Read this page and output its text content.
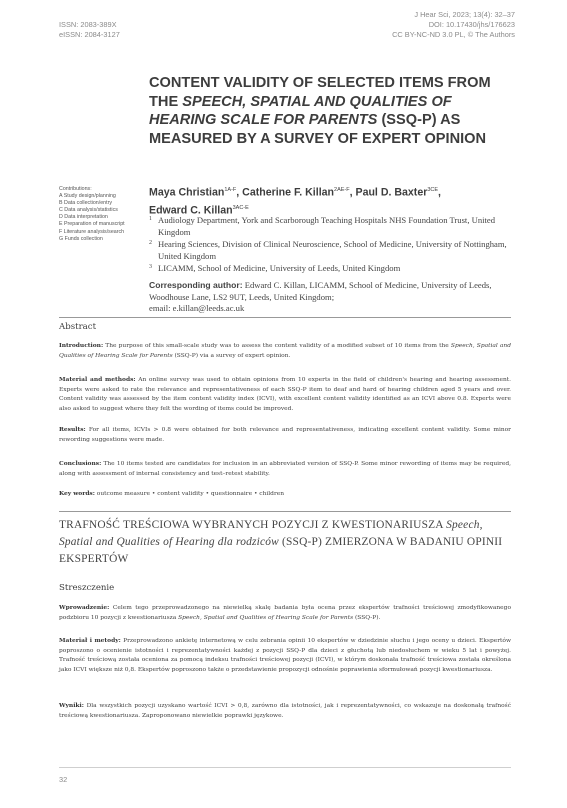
ISSN: 2083-389X
eISSN: 2084-3127
J Hear Sci, 2023; 13(4): 32–37
DOI: 10.17430/jhs/176623
CC BY-NC-ND 3.0 PL, © The Authors
CONTENT VALIDITY OF SELECTED ITEMS FROM THE SPEECH, SPATIAL AND QUALITIES OF HEARING SCALE FOR PARENTS (SSQ-P) AS MEASURED BY A SURVEY OF EXPERT OPINION
Contributions:
A Study design/planning
B Data collection/entry
C Data analysis/statistics
D Data interpretation
E Preparation of manuscript
F Literature analysis/search
G Funds collection
Maya Christian$^{1A-F}$, Catherine F. Killan$^{2AE-F}$, Paul D. Baxter$^{3CE}$,
Edward C. Killan$^{3AC-E}$
1 Audiology Department, York and Scarborough Teaching Hospitals NHS Foundation Trust, United Kingdom
2 Hearing Sciences, Division of Clinical Neuroscience, School of Medicine, University of Nottingham, United Kingdom
3 LICAMM, School of Medicine, University of Leeds, United Kingdom
Corresponding author: Edward C. Killan, LICAMM, School of Medicine, University of Leeds, Woodhouse Lane, LS2 9UT, Leeds, United Kingdom;
email: e.killan@leeds.ac.uk
Abstract
Introduction: The purpose of this small-scale study was to assess the content validity of a modified subset of 10 items from the Speech, Spatial and Qualities of Hearing Scale for Parents (SSQ-P) via a survey of expert opinion.
Material and methods: An online survey was used to obtain opinions from 10 experts in the field of children's hearing and hearing assessment. Experts were asked to rate the relevance and representativeness of each SSQ-P item to deaf and hard of hearing children aged 5 years and over. Content validity was assessed by the item content validity index (ICVI), with excellent content validity identified as an ICVI above 0.8. Experts were also asked to suggest where they felt the wording of items could be improved.
Results: For all items, ICVIs > 0.8 were obtained for both relevance and representativeness, indicating excellent content validity. Some minor rewording suggestions were made.
Conclusions: The 10 items tested are candidates for inclusion in an abbreviated version of SSQ-P. Some minor rewording of items may be required, along with assessment of internal consistency and test–retest stability.
Key words: outcome measure • content validity • questionnaire • children
TRAFNOŚĆ TREŚCIOWA WYBRANYCH POZYCJI Z KWESTIONARIUSZA Speech, Spatial and Qualities of Hearing dla rodziców (SSQ-P) ZMIERZONA W BADANIU OPINII EKSPERTÓW
Streszczenie
Wprowadzenie: Celem tego przeprowadzonego na niewielką skalę badania była ocena przez ekspertów trafności treściowej zmodyfikowanego podzbioru 10 pozycji z kwestionariusza Speech, Spatial and Qualities of Hearing Scale for Parents (SSQ-P).
Materiał i metody: Przeprowadzono ankietę internetową w celu zebrania opinii 10 ekspertów w dziedzinie słuchu i jego oceny u dzieci. Ekspertów poproszono o ocenienie istotności i reprezentatywności każdej z pozycji SSQ-P dla dzieci z głuchotą lub niedosłuchem w wieku 5 lat i powyżej. Trafność treściową została oceniona za pomocą indeksu trafności treściowej pozycji (ICVI), w którym doskonała trafność treściowa została określona jako ICVI większe niż 0,8. Ekspertów poproszono także o przedstawienie propozycji odnośnie poprawienia sformułowań pozycji kwestionariusza.
Wyniki: Dla wszystkich pozycji uzyskano wartość ICVI > 0,8, zarówno dla istotności, jak i reprezentatywności, co wskazuje na doskonałą trafność treściową kwestionariusza. Zaproponowano niewielkie poprawki językowe.
32
